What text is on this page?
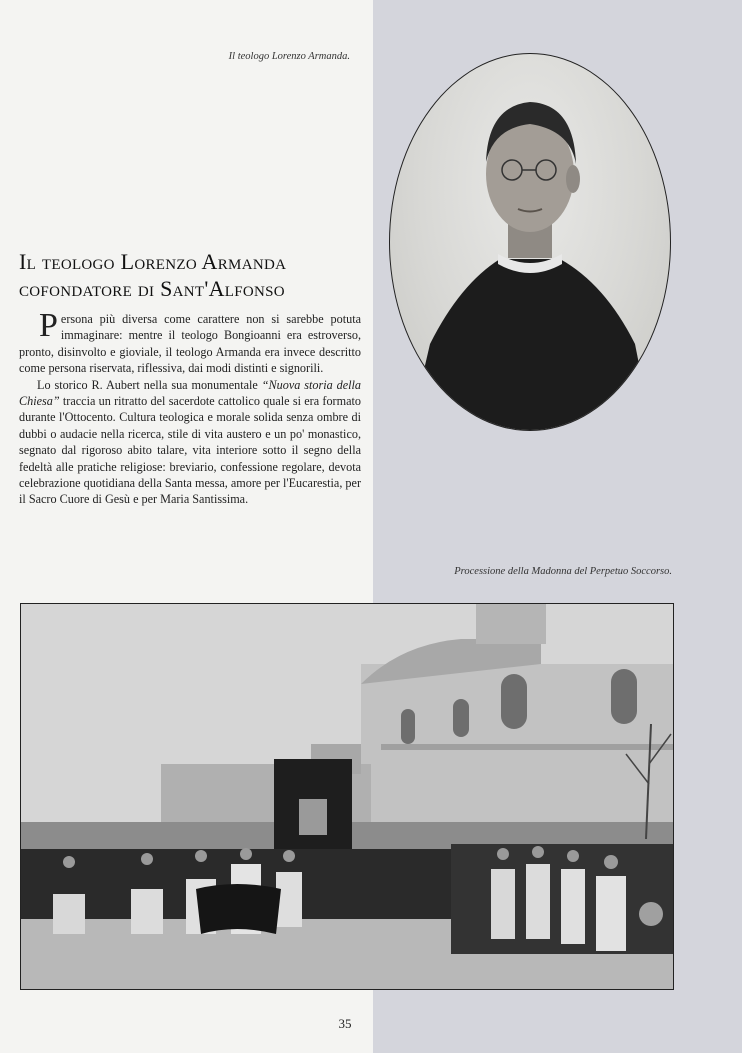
Il teologo Lorenzo Armanda.
Il teologo Lorenzo Armanda
cofondatore di Sant'Alfonso

Persona più diversa come carattere non si sarebbe potuta immaginare: mentre il teologo Bongioanni era estroverso, pronto, disinvolto e gioviale, il teologo Armanda era invece descritto come persona riservata, riflessiva, dai modi distinti e signorili.

Lo storico R. Aubert nella sua monumentale “Nuova storia della Chiesa” traccia un ritratto del sacerdote cattolico quale si era formato durante l'Ottocento. Cultura teologica e morale solida senza ombre di dubbi o audacie nella ricerca, stile di vita austero e un po' monastico, segnato dal rigoroso abito talare, vita interiore sotto il segno della fedeltà alle pratiche religiose: breviario, confessione regolare, devota celebrazione quotidiana della Santa messa, amore per l'Eucarestia, per il Sacro Cuore di Gesù e per Maria Santissima.

Processione della Madonna del Perpetuo Soccorso.
35
